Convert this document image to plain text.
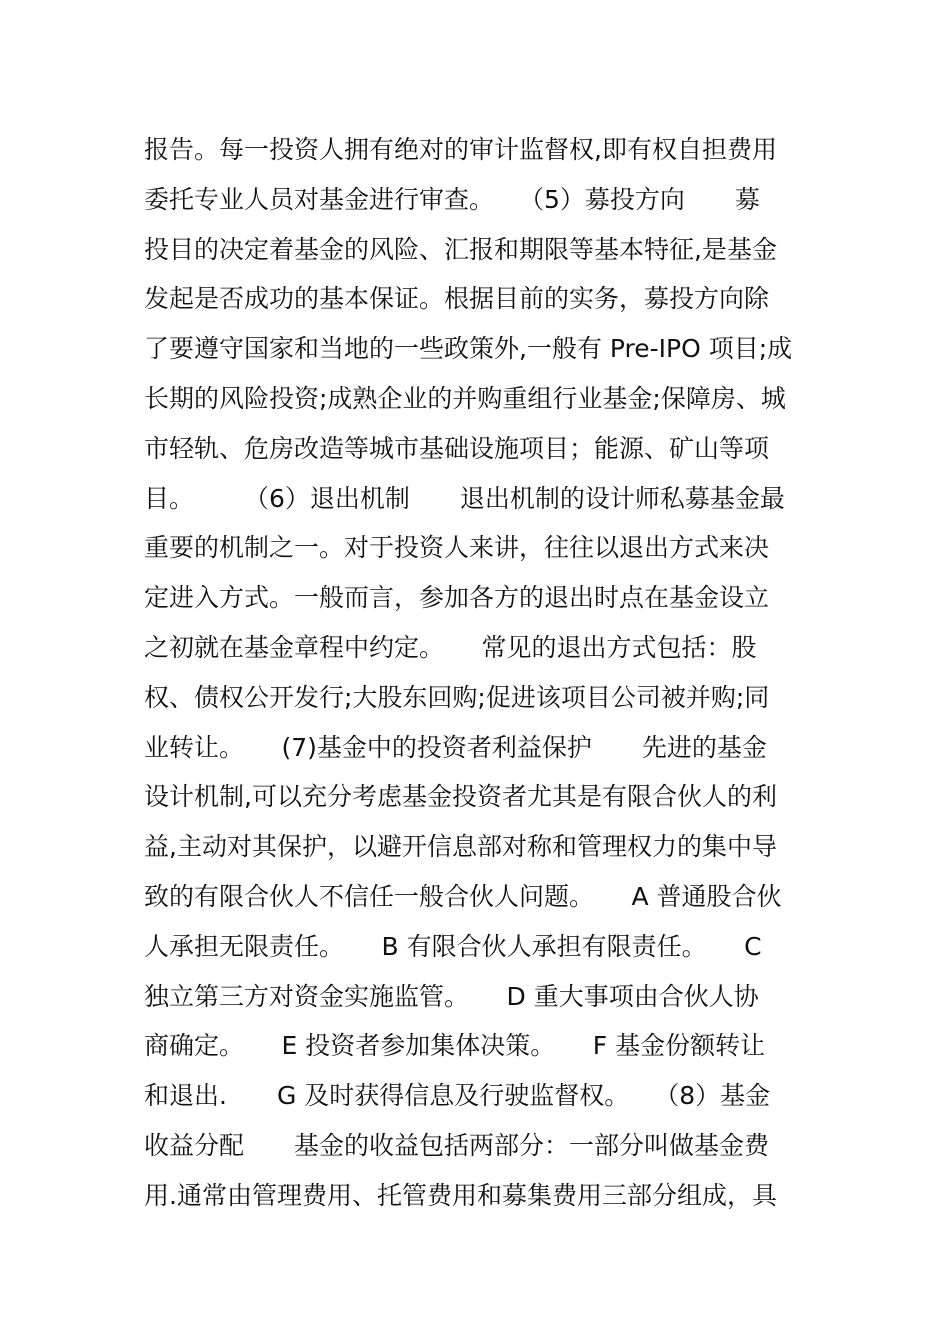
报告。每一投资人拥有绝对的审计监督权,即有权自担费用
委托专业人员对基金进行审查。　　（5）募投方向　　募
投目的决定着基金的风险、汇报和期限等基本特征,是基金
发起是否成功的基本保证。根据目前的实务，募投方向除
了要遵守国家和当地的一些政策外,一般有 Pre-IPO 项目;成
长期的风险投资;成熟企业的并购重组行业基金;保障房、城
市轻轨、危房改造等城市基础设施项目；能源、矿山等项
目。　　　（6）退出机制　　退出机制的设计师私募基金最
重要的机制之一。对于投资人来讲，往往以退出方式来决
定进入方式。一般而言，参加各方的退出时点在基金设立
之初就在基金章程中约定。　　常见的退出方式包括：股
权、债权公开发行;大股东回购;促进该项目公司被并购;同
业转让。　　(7)基金中的投资者利益保护　　先进的基金
设计机制,可以充分考虑基金投资者尤其是有限合伙人的利
益,主动对其保护，以避开信息部对称和管理权力的集中导
致的有限合伙人不信任一般合伙人问题。　　A 普通股合伙
人承担无限责任。　　B 有限合伙人承担有限责任。　　C
独立第三方对资金实施监管。　　D 重大事项由合伙人协
商确定。　　E 投资者参加集体决策。　　F 基金份额转让
和退出.　　G 及时获得信息及行驶监督权。　　（8）基金
收益分配　　基金的收益包括两部分：一部分叫做基金费
用.通常由管理费用、托管费用和募集费用三部分组成，具
